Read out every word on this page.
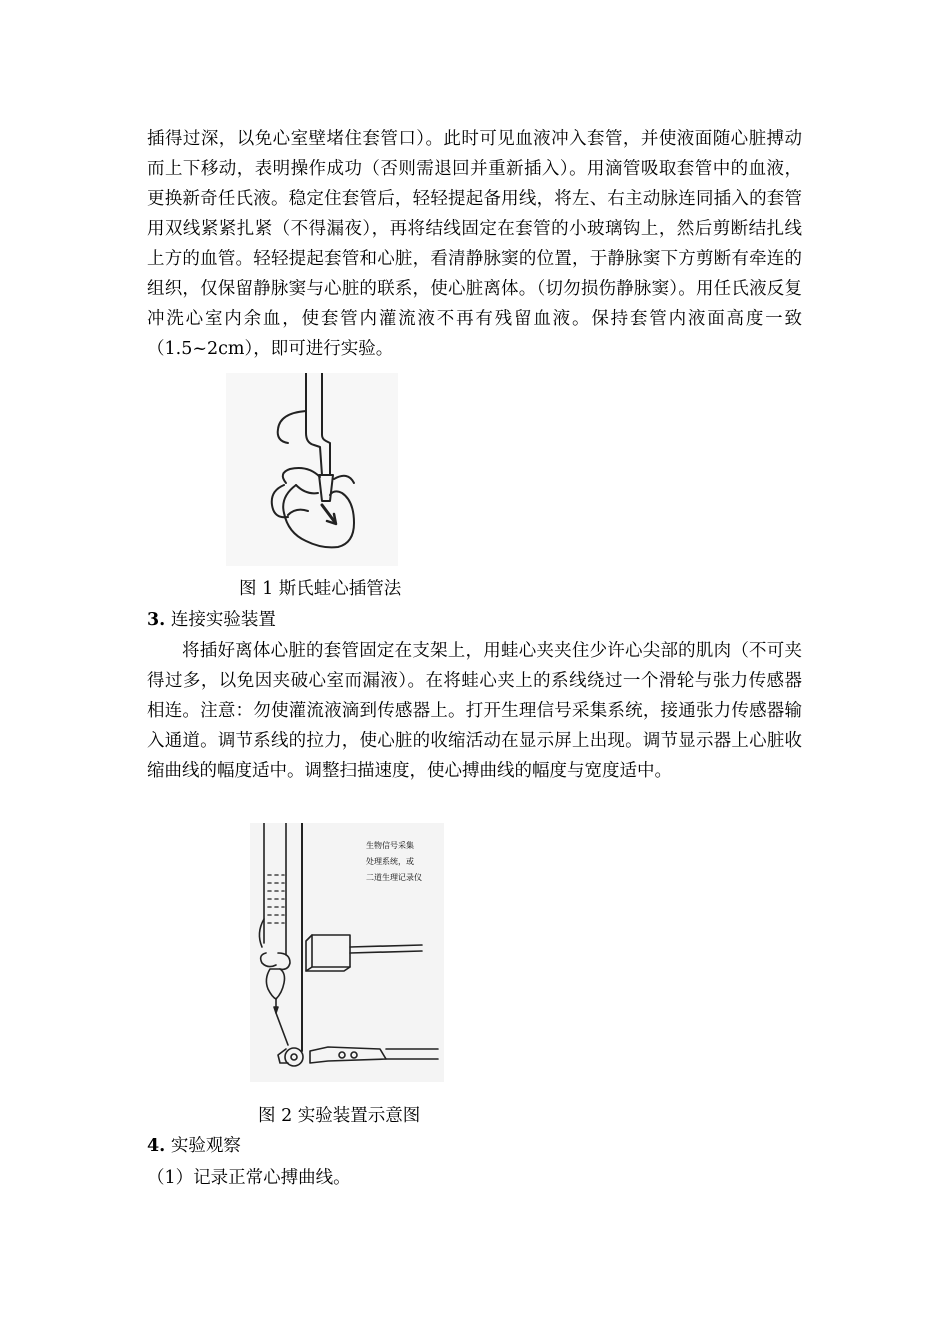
插得过深，以免心室壁堵住套管口）。此时可见血液冲入套管，并使液面随心脏搏动而上下移动，表明操作成功（否则需退回并重新插入）。用滴管吸取套管中的血液，更换新奇任氏液。稳定住套管后，轻轻提起备用线，将左、右主动脉连同插入的套管用双线紧紧扎紧（不得漏夜），再将结线固定在套管的小玻璃钩上，然后剪断结扎线上方的血管。轻轻提起套管和心脏，看清静脉窦的位置，于静脉窦下方剪断有牵连的组织，仅保留静脉窦与心脏的联系，使心脏离体。（切勿损伤静脉窦）。用任氏液反复冲洗心室内余血，使套管内灌流液不再有残留血液。保持套管内液面高度一致（1.5~2cm），即可进行实验。

图 1 斯氏蛙心插管法

3. 连接实验装置

将插好离体心脏的套管固定在支架上，用蛙心夹夹住少许心尖部的肌肉（不可夹得过多，以免因夹破心室而漏液）。在将蛙心夹上的系线绕过一个滑轮与张力传感器相连。注意：勿使灌流液滴到传感器上。打开生理信号采集系统，接通张力传感器输入通道。调节系线的拉力，使心脏的收缩活动在显示屏上出现。调节显示器上心脏收缩曲线的幅度适中。调整扫描速度，使心搏曲线的幅度与宽度适中。

生物信号采集
处理系统，或
二道生理记录仪

图 2 实验装置示意图

4. 实验观察

（1）记录正常心搏曲线。
